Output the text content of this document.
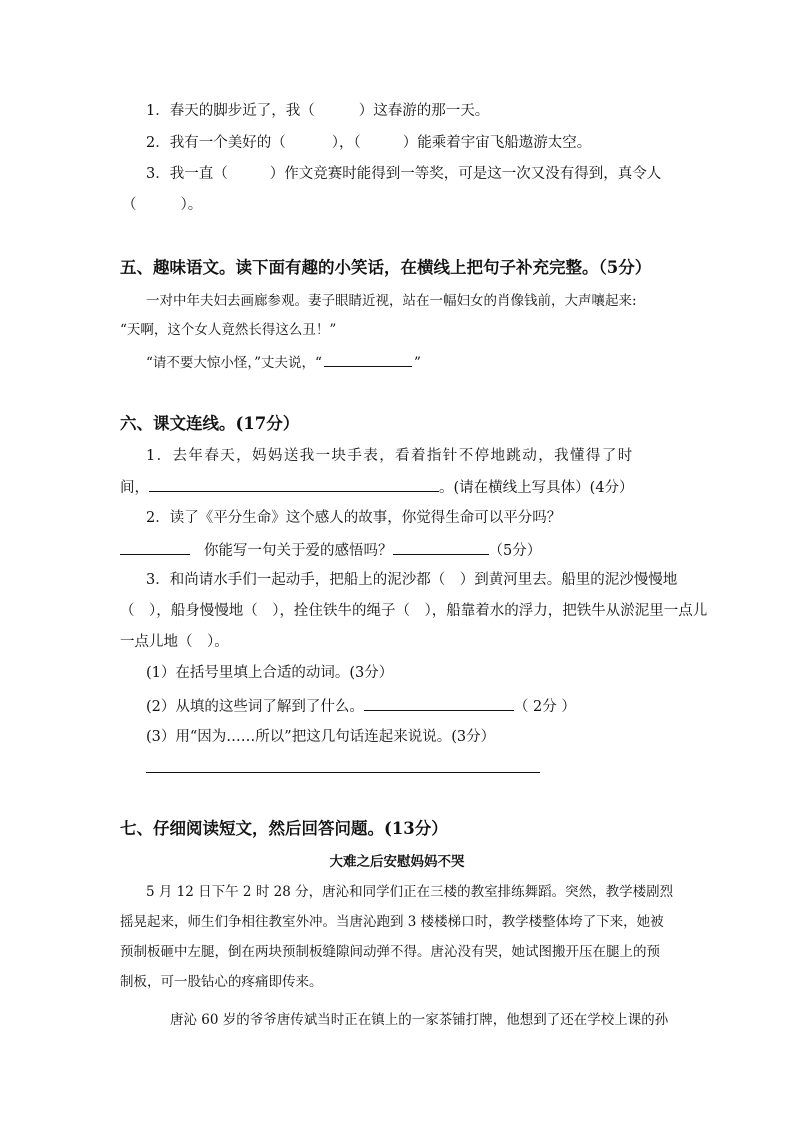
1．春天的脚步近了，我（	）这春游的那一天。
2．我有一个美好的（	），（	）能乘着宇宙飞船遨游太空。
3．我一直（	）作文竞赛时能得到一等奖，可是这一次又没有得到，真令人
（	）。
五、趣味语文。读下面有趣的小笑话，在横线上把句子补充完整。（5分）
一对中年夫妇去画廊参观。妻子眼睛近视，站在一幅妇女的肖像钱前，大声嚷起来:
“天啊，这个女人竟然长得这么丑！”
“请不要大惊小怪，”丈夫说，“	”
六、课文连线。(17分）
1．去年春天，妈妈送我一块手表，看着指针不停地跳动，我懂得了时
间，	。(请在横线上写具体）(4分）
2．读了《平分生命》这个感人的故事，你觉得生命可以平分吗？
你能写一句关于爱的感悟吗？	（5分）
3．和尚请水手们一起动手，把船上的泥沙都（　）到黄河里去。船里的泥沙慢慢地
（　），船身慢慢地（　），拴住铁牛的绳子（　），船靠着水的浮力，把铁牛从淤泥里一点儿
一点儿地（　）。
(1）在括号里填上合适的动词。(3分）
(2）从填的这些词了解到了什么。	（ 2分 ）
(3）用“因为……所以”把这几句话连起来说说。(3分）
七、仔细阅读短文，然后回答问题。(13分）
大难之后安慰妈妈不哭
5 月 12 日下午 2 时 28 分，唐沁和同学们正在三楼的教室排练舞蹈。突然，教学楼剧烈
摇晃起来，师生们争相往教室外冲。当唐沁跑到 3 楼楼梯口时，教学楼整体垮了下来，她被
预制板砸中左腿，倒在两块预制板缝隙间动弹不得。唐沁没有哭，她试图搬开压在腿上的预
制板，可一股钻心的疼痛即传来。
唐沁 60 岁的爷爷唐传斌当时正在镇上的一家茶铺打牌，他想到了还在学校上课的孙
